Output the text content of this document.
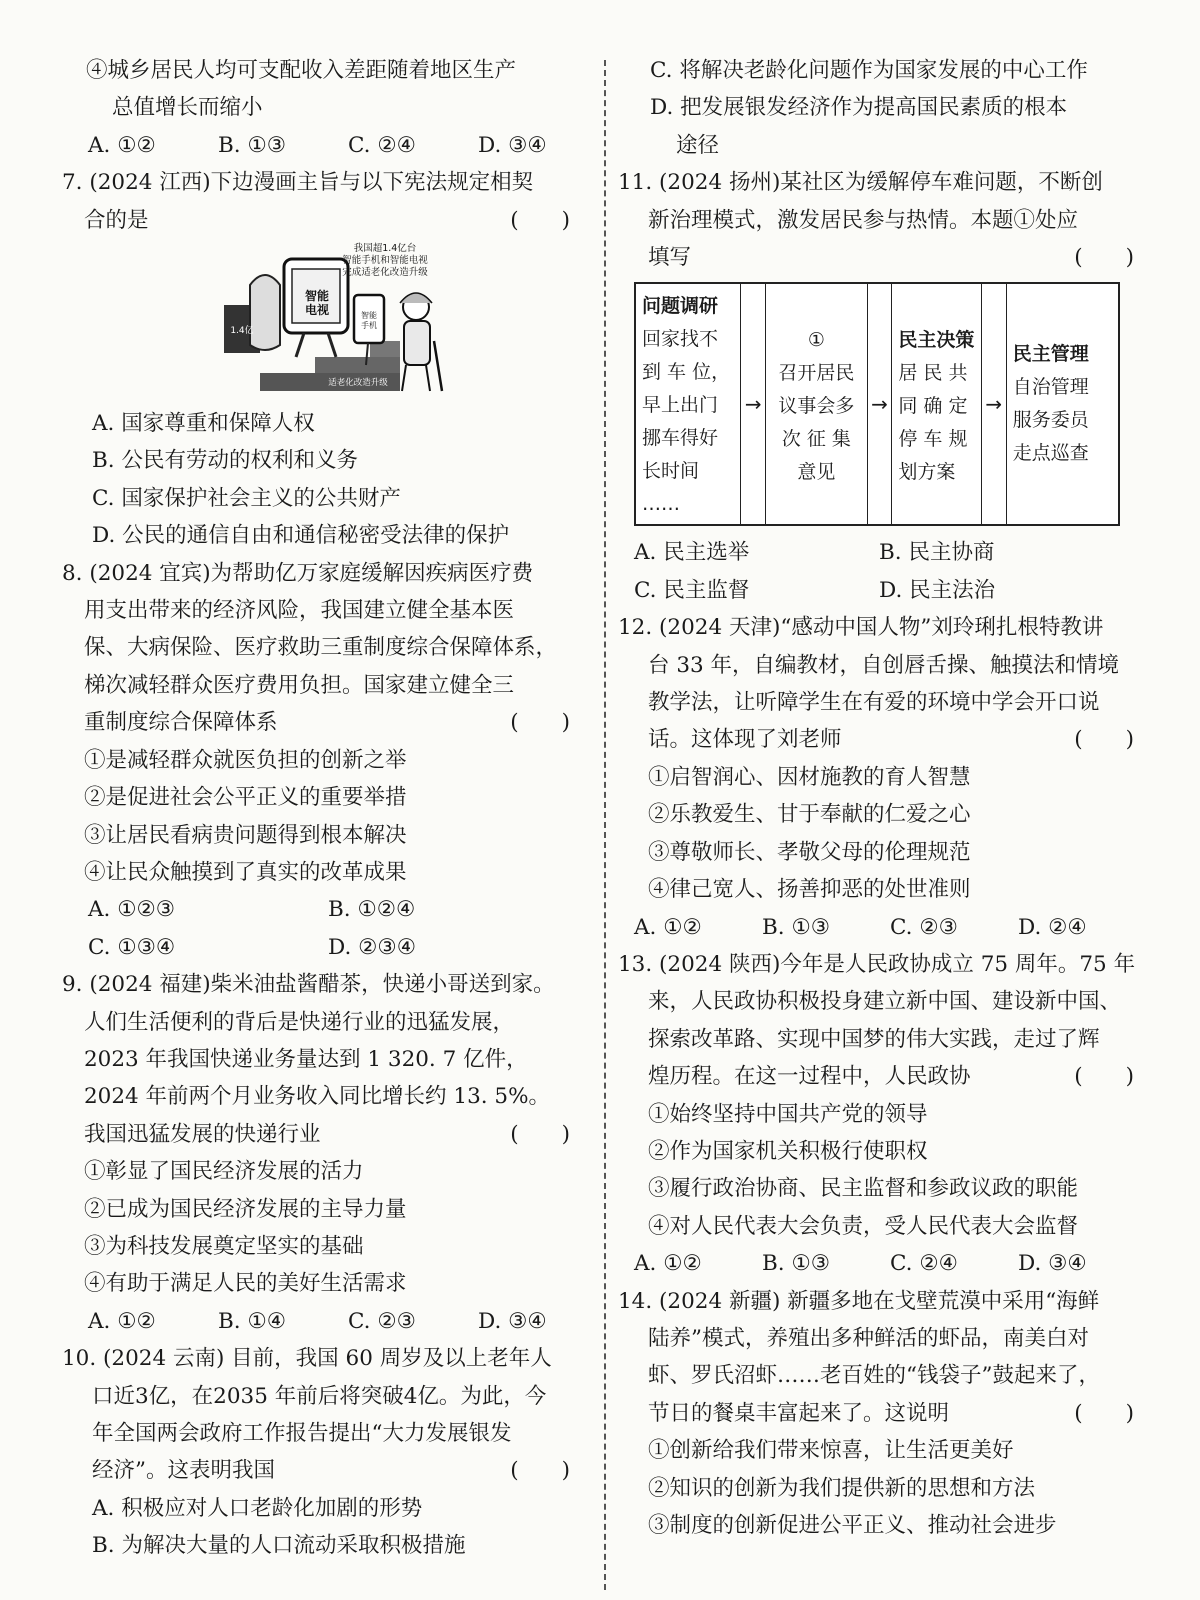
④城乡居民人均可支配收入差距随着地区生产
总值增长而缩小
A. ①②	B. ①③	C. ②④	D. ③④
7. (2024 江西)下边漫画主旨与以下宪法规定相契
合的是	(　　)
我国超1.4亿台
智能手机和智能电视
完成适老化改造升级
智能
电视	智能
手机
1.4亿
适老化改造升级
A. 国家尊重和保障人权
B. 公民有劳动的权利和义务
C. 国家保护社会主义的公共财产
D. 公民的通信自由和通信秘密受法律的保护
8. (2024 宜宾)为帮助亿万家庭缓解因疾病医疗费
用支出带来的经济风险，我国建立健全基本医
保、大病保险、医疗救助三重制度综合保障体系，
梯次减轻群众医疗费用负担。国家建立健全三
重制度综合保障体系	(　　)
①是减轻群众就医负担的创新之举
②是促进社会公平正义的重要举措
③让居民看病贵问题得到根本解决
④让民众触摸到了真实的改革成果
A. ①②③	B. ①②④
C. ①③④	D. ②③④
9. (2024 福建)柴米油盐酱醋茶，快递小哥送到家。
人们生活便利的背后是快递行业的迅猛发展，
2023 年我国快递业务量达到 1 320. 7 亿件，
2024 年前两个月业务收入同比增长约 13. 5%。
我国迅猛发展的快递行业	(　　)
①彰显了国民经济发展的活力
②已成为国民经济发展的主导力量
③为科技发展奠定坚实的基础
④有助于满足人民的美好生活需求
A. ①②	B. ①④	C. ②③	D. ③④
10. (2024 云南) 目前，我国 60 周岁及以上老年人
口近3亿，在2035 年前后将突破4亿。为此，今
年全国两会政府工作报告提出“大力发展银发
经济”。这表明我国	(　　)
A. 积极应对人口老龄化加剧的形势
B. 为解决大量的人口流动采取积极措施
C. 将解决老龄化问题作为国家发展的中心工作
D. 把发展银发经济作为提高国民素质的根本
途径
11. (2024 扬州)某社区为缓解停车难问题，不断创
新治理模式，激发居民参与热情。本题①处应
填写	(　　)
问题调研
回家找不
到 车 位，
早上出门
挪车得好
长时间
……
→
①
召开居民
议事会多
次 征 集
意见
→
民主决策
居 民 共
同 确 定
停 车 规
划方案
→
民主管理
自治管理
服务委员
走点巡查
A. 民主选举	B. 民主协商
C. 民主监督	D. 民主法治
12. (2024 天津)“感动中国人物”刘玲琍扎根特教讲
台 33 年，自编教材，自创唇舌操、触摸法和情境
教学法，让听障学生在有爱的环境中学会开口说
话。这体现了刘老师	(　　)
①启智润心、因材施教的育人智慧
②乐教爱生、甘于奉献的仁爱之心
③尊敬师长、孝敬父母的伦理规范
④律己宽人、扬善抑恶的处世准则
A. ①②	B. ①③	C. ②③	D. ②④
13. (2024 陕西)今年是人民政协成立 75 周年。75 年
来，人民政协积极投身建立新中国、建设新中国、
探索改革路、实现中国梦的伟大实践，走过了辉
煌历程。在这一过程中，人民政协	(　　)
①始终坚持中国共产党的领导
②作为国家机关积极行使职权
③履行政治协商、民主监督和参政议政的职能
④对人民代表大会负责，受人民代表大会监督
A. ①②	B. ①③	C. ②④	D. ③④
14. (2024 新疆) 新疆多地在戈壁荒漠中采用“海鲜
陆养”模式，养殖出多种鲜活的虾品，南美白对
虾、罗氏沼虾……老百姓的“钱袋子”鼓起来了，
节日的餐桌丰富起来了。这说明	(　　)
①创新给我们带来惊喜，让生活更美好
②知识的创新为我们提供新的思想和方法
③制度的创新促进公平正义、推动社会进步
